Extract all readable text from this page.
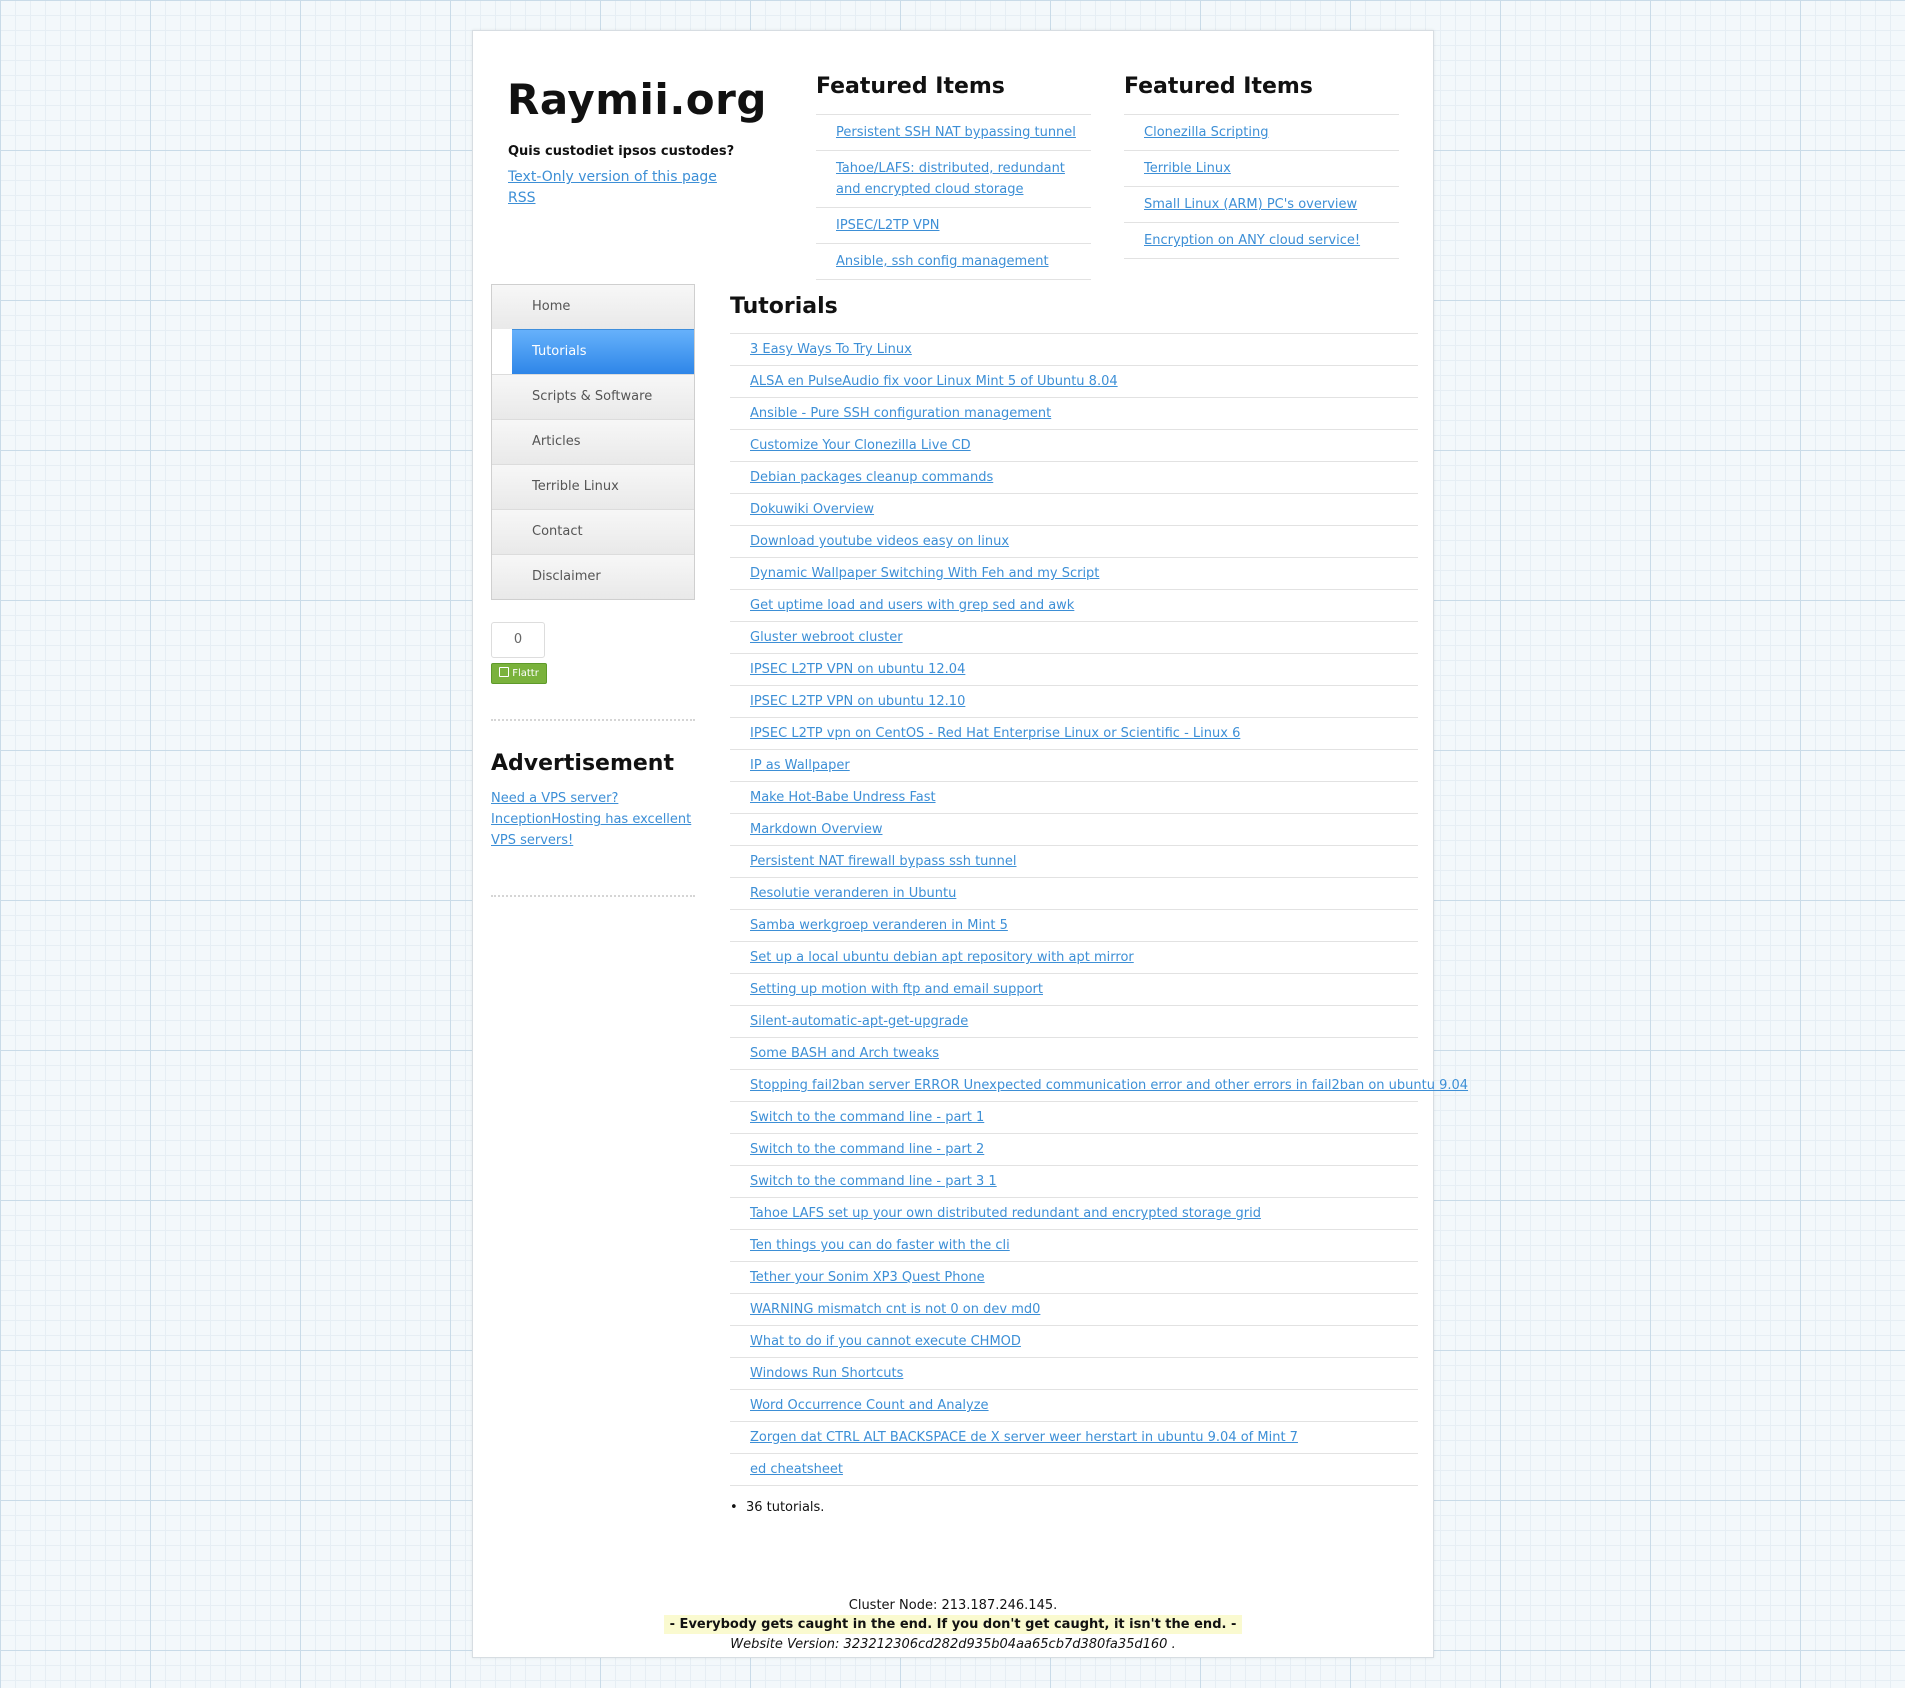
Raymii.org
Quis custodiet ipsos custodes?
Text-Only version of this page
RSS
Featured Items
Persistent SSH NAT bypassing tunnel
Tahoe/LAFS: distributed, redundant and encrypted cloud storage
IPSEC/L2TP VPN
Ansible, ssh config management
Featured Items
Clonezilla Scripting
Terrible Linux
Small Linux (ARM) PC's overview
Encryption on ANY cloud service!
Home
Tutorials
Scripts & Software
Articles
Terrible Linux
Contact
Disclaimer
0
Flattr
Advertisement
Need a VPS server? InceptionHosting has excellent VPS servers!
Tutorials
3 Easy Ways To Try Linux
ALSA en PulseAudio fix voor Linux Mint 5 of Ubuntu 8.04
Ansible - Pure SSH configuration management
Customize Your Clonezilla Live CD
Debian packages cleanup commands
Dokuwiki Overview
Download youtube videos easy on linux
Dynamic Wallpaper Switching With Feh and my Script
Get uptime load and users with grep sed and awk
Gluster webroot cluster
IPSEC L2TP VPN on ubuntu 12.04
IPSEC L2TP VPN on ubuntu 12.10
IPSEC L2TP vpn on CentOS - Red Hat Enterprise Linux or Scientific - Linux 6
IP as Wallpaper
Make Hot-Babe Undress Fast
Markdown Overview
Persistent NAT firewall bypass ssh tunnel
Resolutie veranderen in Ubuntu
Samba werkgroep veranderen in Mint 5
Set up a local ubuntu debian apt repository with apt mirror
Setting up motion with ftp and email support
Silent-automatic-apt-get-upgrade
Some BASH and Arch tweaks
Stopping fail2ban server ERROR Unexpected communication error and other errors in fail2ban on ubuntu 9.04
Switch to the command line - part 1
Switch to the command line - part 2
Switch to the command line - part 3 1
Tahoe LAFS set up your own distributed redundant and encrypted storage grid
Ten things you can do faster with the cli
Tether your Sonim XP3 Quest Phone
WARNING mismatch cnt is not 0 on dev md0
What to do if you cannot execute CHMOD
Windows Run Shortcuts
Word Occurrence Count and Analyze
Zorgen dat CTRL ALT BACKSPACE de X server weer herstart in ubuntu 9.04 of Mint 7
ed cheatsheet
•  36 tutorials.
Cluster Node: 213.187.246.145.
- Everybody gets caught in the end. If you don't get caught, it isn't the end. -
Website Version: 323212306cd282d935b04aa65cb7d380fa35d160 .
